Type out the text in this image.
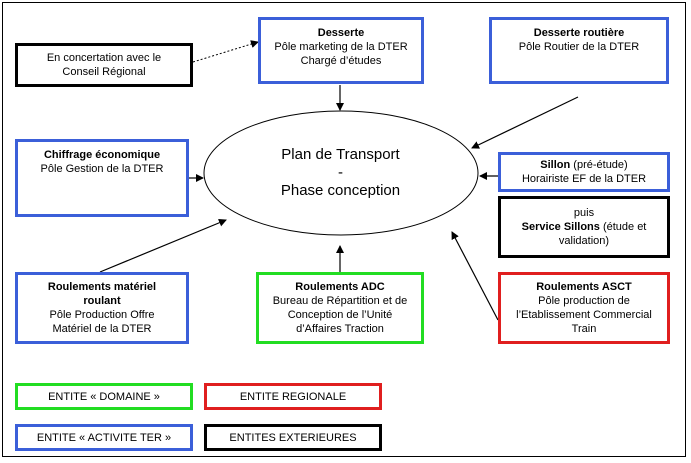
Plan de Transport
-
Phase conception
En concertation avec le Conseil Régional
Desserte
Pôle marketing de la DTER
Chargé d’études
Desserte routière
Pôle Routier de la DTER
Chiffrage économique
Pôle Gestion de la DTER	Sillon (pré-étude)
Horairiste EF de la DTER
puis
Service Sillons (étude et validation)
Roulements matériel
roulant
Pôle Production Offre
Matériel de la DTER
Roulements ADC
Bureau de Répartition et de
Conception de l’Unité
d’Affaires Traction
Roulements ASCT
Pôle production de
l’Etablissement Commercial
Train
ENTITE « DOMAINE »	ENTITE REGIONALE
ENTITE « ACTIVITE TER »	ENTITES EXTERIEURES
